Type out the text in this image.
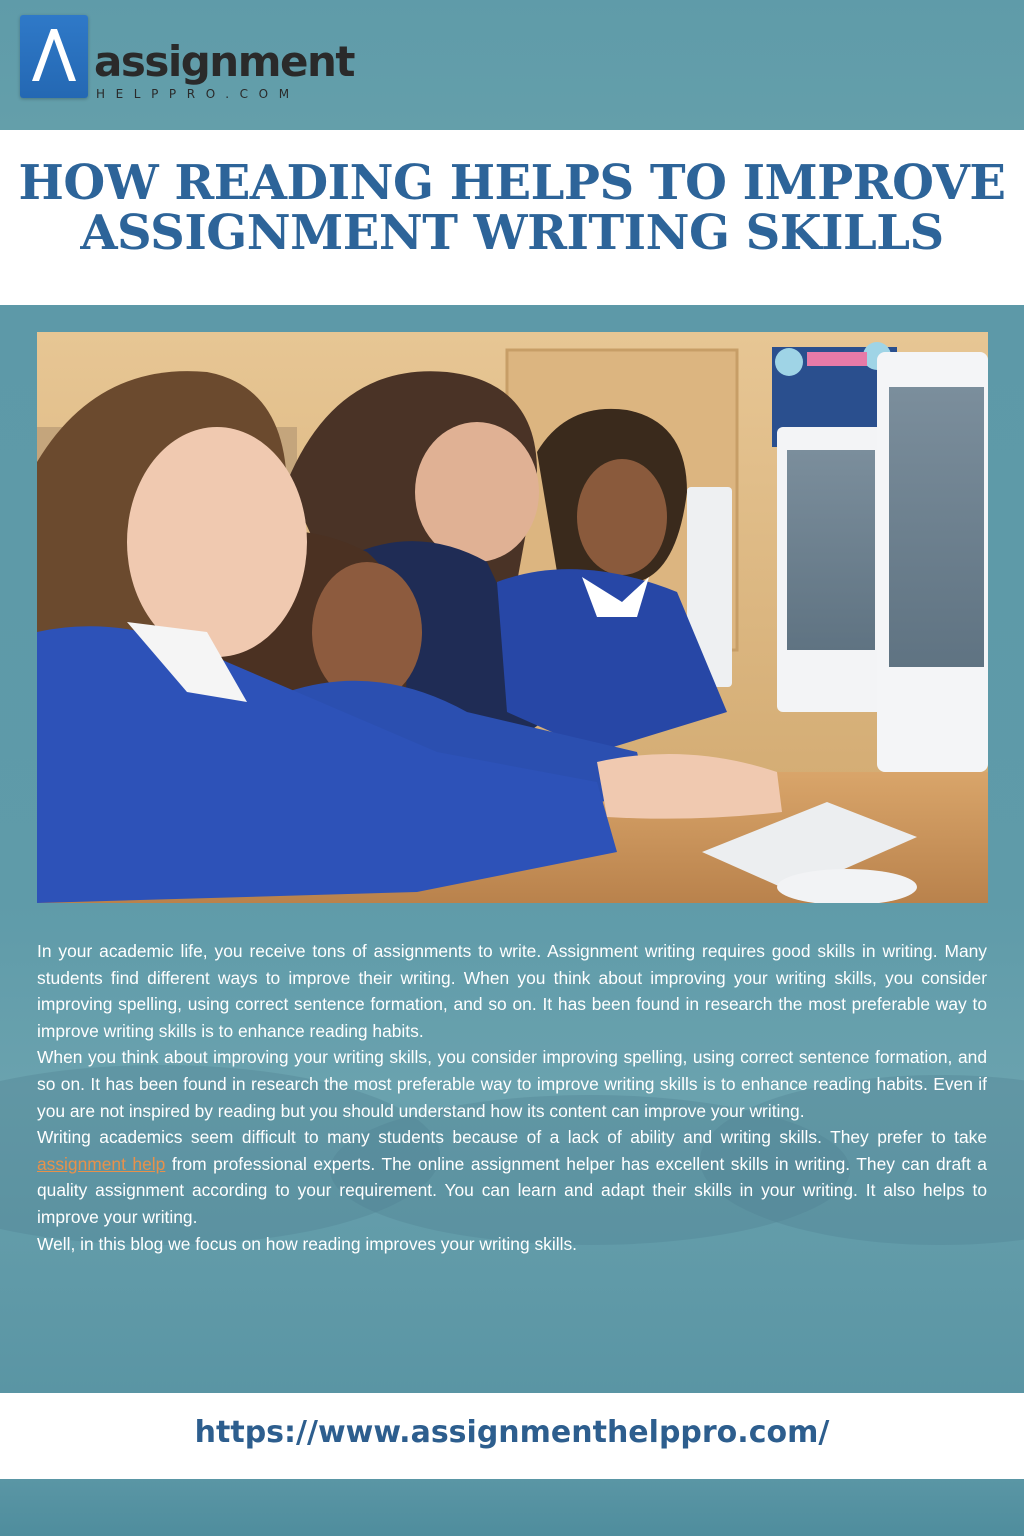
assignment
HELPPRO.COM
HOW READING HELPS TO IMPROVE
ASSIGNMENT WRITING SKILLS

In your academic life, you receive tons of assignments to write. Assignment writing requires good skills in writing. Many students find different ways to improve their writing. When you think about improving your writing skills, you consider improving spelling, using correct sentence formation, and so on. It has been found in research the most preferable way to improve writing skills is to enhance reading habits.

When you think about improving your writing skills, you consider improving spelling, using correct sentence formation, and so on. It has been found in research the most preferable way to improve writing skills is to enhance reading habits. Even if you are not inspired by reading but you should understand how its content can improve your writing.

Writing academics seem difficult to many students because of a lack of ability and writing skills. They prefer to take assignment help from professional experts. The online assignment helper has excellent skills in writing. They can draft a quality assignment according to your requirement. You can learn and adapt their skills in your writing. It also helps to improve your writing.

Well, in this blog we focus on how reading improves your writing skills.

https://www.assignmenthelppro.com/
